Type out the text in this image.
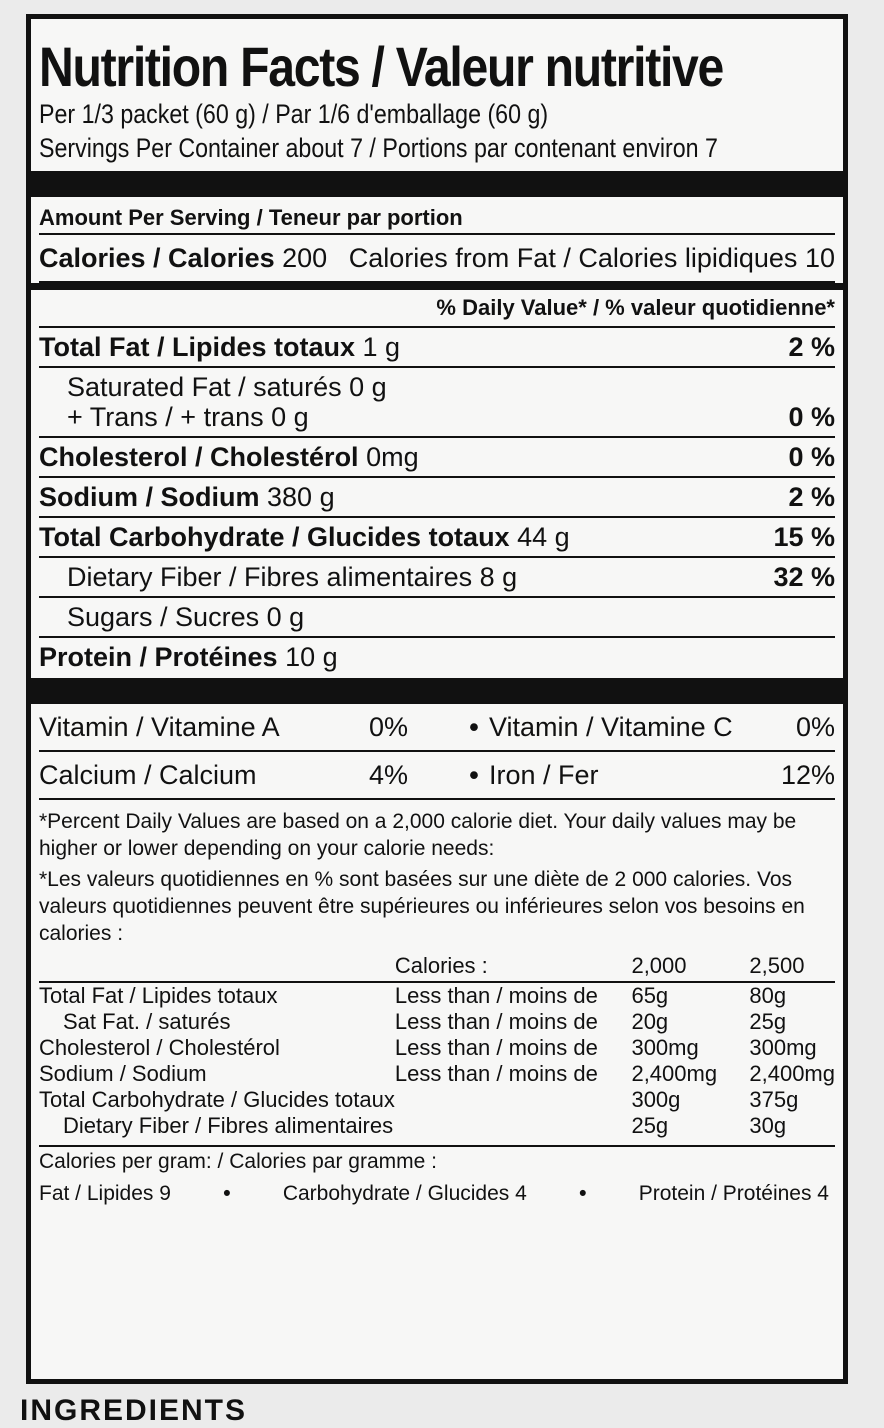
Nutrition Facts / Valeur nutritive
Per 1/3 packet (60 g) / Par 1/6 d'emballage (60 g)
Servings Per Container about 7 / Portions par contenant environ 7
Amount Per Serving / Teneur par portion
Calories / Calories 200 Calories from Fat / Calories lipidiques 10
% Daily Value* / % valeur quotidienne*
Total Fat / Lipides totaux 1 g	2 %
Saturated Fat / saturés 0 g
+ Trans / + trans 0 g	0 %
Cholesterol / Cholestérol 0mg	0 %
Sodium / Sodium 380 g	2 %
Total Carbohydrate / Glucides totaux 44 g	15 %
Dietary Fiber / Fibres alimentaires 8 g	32 %
Sugars / Sucres 0 g
Protein / Protéines 10 g
Vitamin / Vitamine A	0%	• Vitamin / Vitamine C	0%
Calcium / Calcium	4%	• Iron / Fer	12%
*Percent Daily Values are based on a 2,000 calorie diet. Your daily values may be higher or lower depending on your calorie needs:
*Les valeurs quotidiennes en % sont basées sur une diète de 2 000 calories. Vos valeurs quotidiennes peuvent être supérieures ou inférieures selon vos besoins en calories :
	Calories :	2,000	2,500
Total Fat / Lipides totaux	Less than / moins de	65g	80g
Sat Fat. / saturés	Less than / moins de	20g	25g
Cholesterol / Cholestérol	Less than / moins de	300mg	300mg
Sodium / Sodium	Less than / moins de	2,400mg	2,400mg
Total Carbohydrate / Glucides totaux		300g	375g
Dietary Fiber / Fibres alimentaires		25g	30g
Calories per gram: / Calories par gramme :
Fat / Lipides 9 • Carbohydrate / Glucides 4 • Protein / Protéines 4
INGREDIENTS
